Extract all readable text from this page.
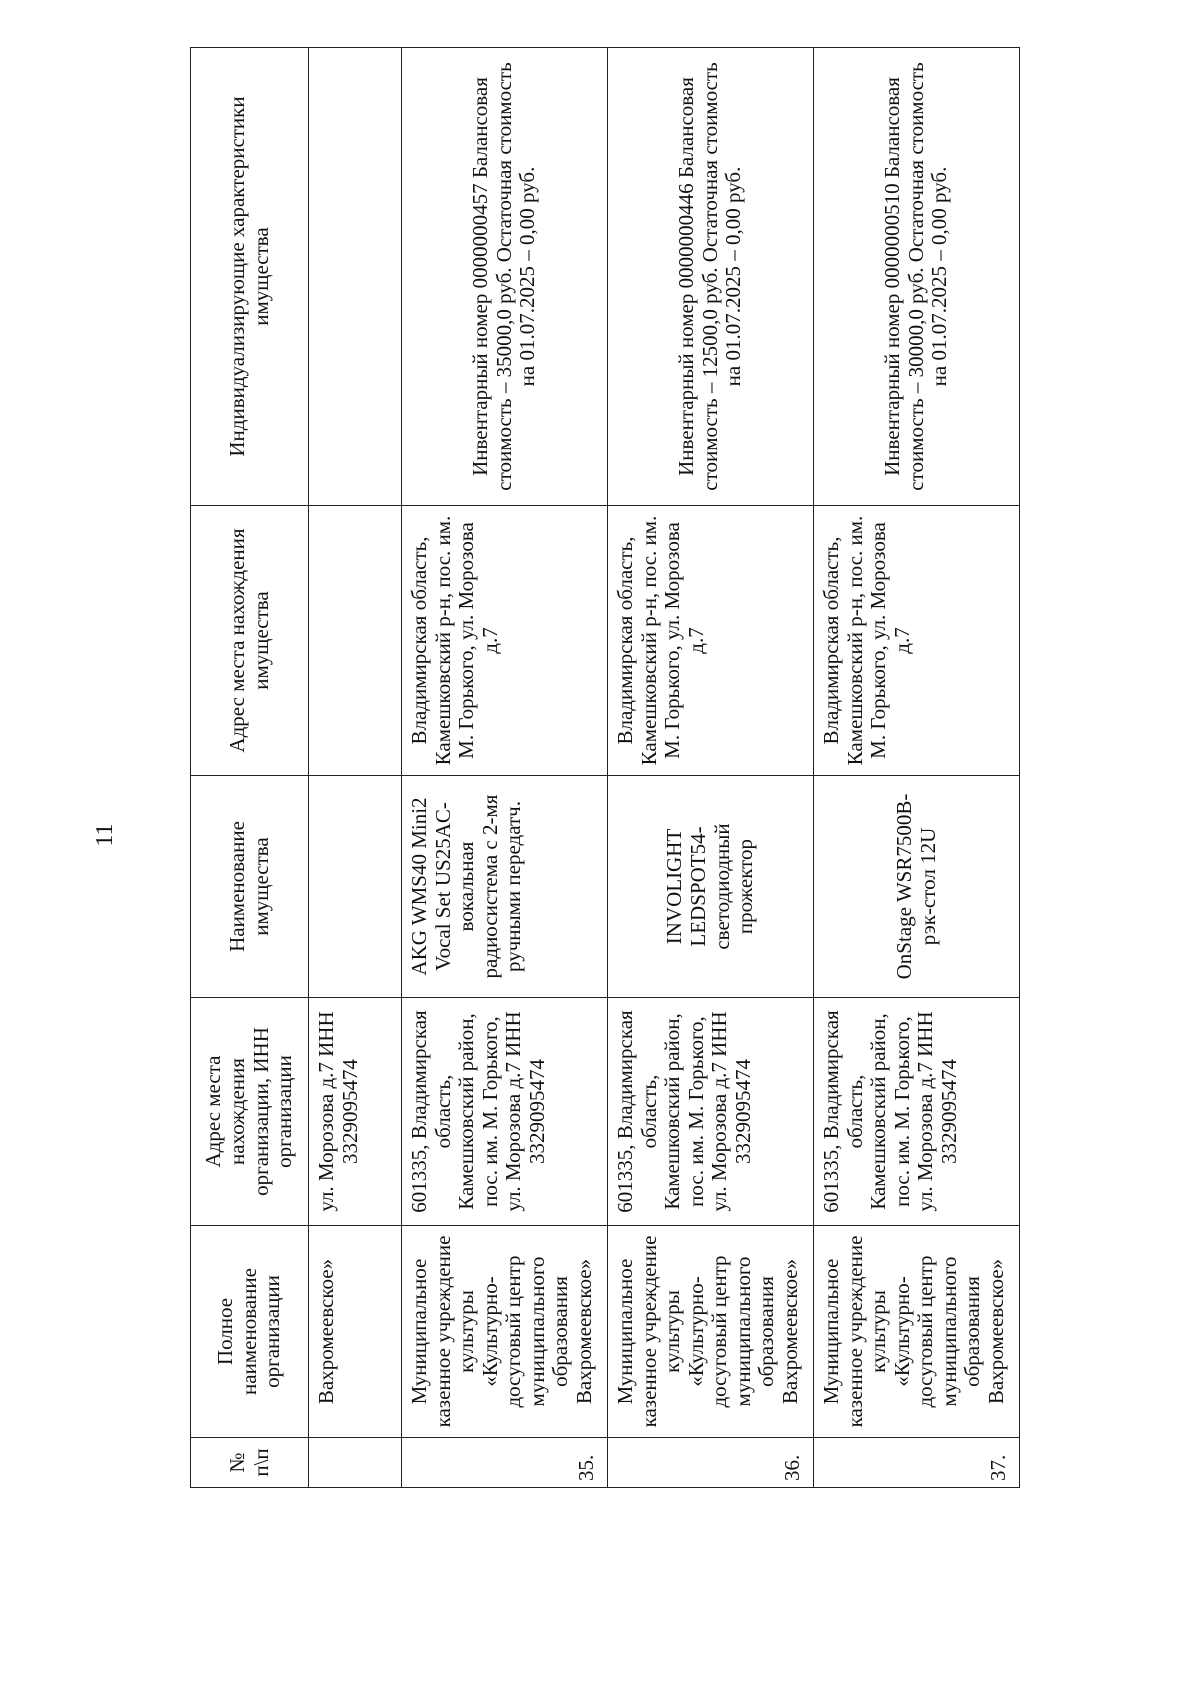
11
№ п\п	Полное наименование организации	Адрес места нахождения организации, ИНН организации	Наименование имущества	Адрес места нахождения имущества	Индивидуализирующие характеристики имущества
	Вахромеевское»	ул. Морозова д.7 ИНН 3329095474			
35.	Муниципальное казенное учреждение культуры «Культурно-досуговый центр муниципального образования Вахромеевское»	601335, Владимирская область, Камешковский район, пос. им. М. Горького, ул. Морозова д.7 ИНН 3329095474	AKG WMS40 Mini2 Vocal Set US25AC-вокальная радиосистема с 2-мя ручными передатч.	Владимирская область, Камешковский р-н, пос. им. М. Горького, ул. Морозова д.7	Инвентарный номер 0000000457 Балансовая стоимость – 35000,0 руб. Остаточная стоимость на 01.07.2025 – 0,00 руб.
36.	Муниципальное казенное учреждение культуры «Культурно-досуговый центр муниципального образования Вахромеевское»	601335, Владимирская область, Камешковский район, пос. им. М. Горького, ул. Морозова д.7 ИНН 3329095474	INVOLIGHT LEDSPOT54-светодиодный прожектор	Владимирская область, Камешковский р-н, пос. им. М. Горького, ул. Морозова д.7	Инвентарный номер 0000000446 Балансовая стоимость – 12500,0 руб. Остаточная стоимость на 01.07.2025 – 0,00 руб.
37.	Муниципальное казенное учреждение культуры «Культурно-досуговый центр муниципального образования Вахромеевское»	601335, Владимирская область, Камешковский район, пос. им. М. Горького, ул. Морозова д.7 ИНН 3329095474	OnStage WSR7500B-рэк-стол 12U	Владимирская область, Камешковский р-н, пос. им. М. Горького, ул. Морозова д.7	Инвентарный номер 0000000510 Балансовая стоимость – 30000,0 руб. Остаточная стоимость на 01.07.2025 – 0,00 руб.
